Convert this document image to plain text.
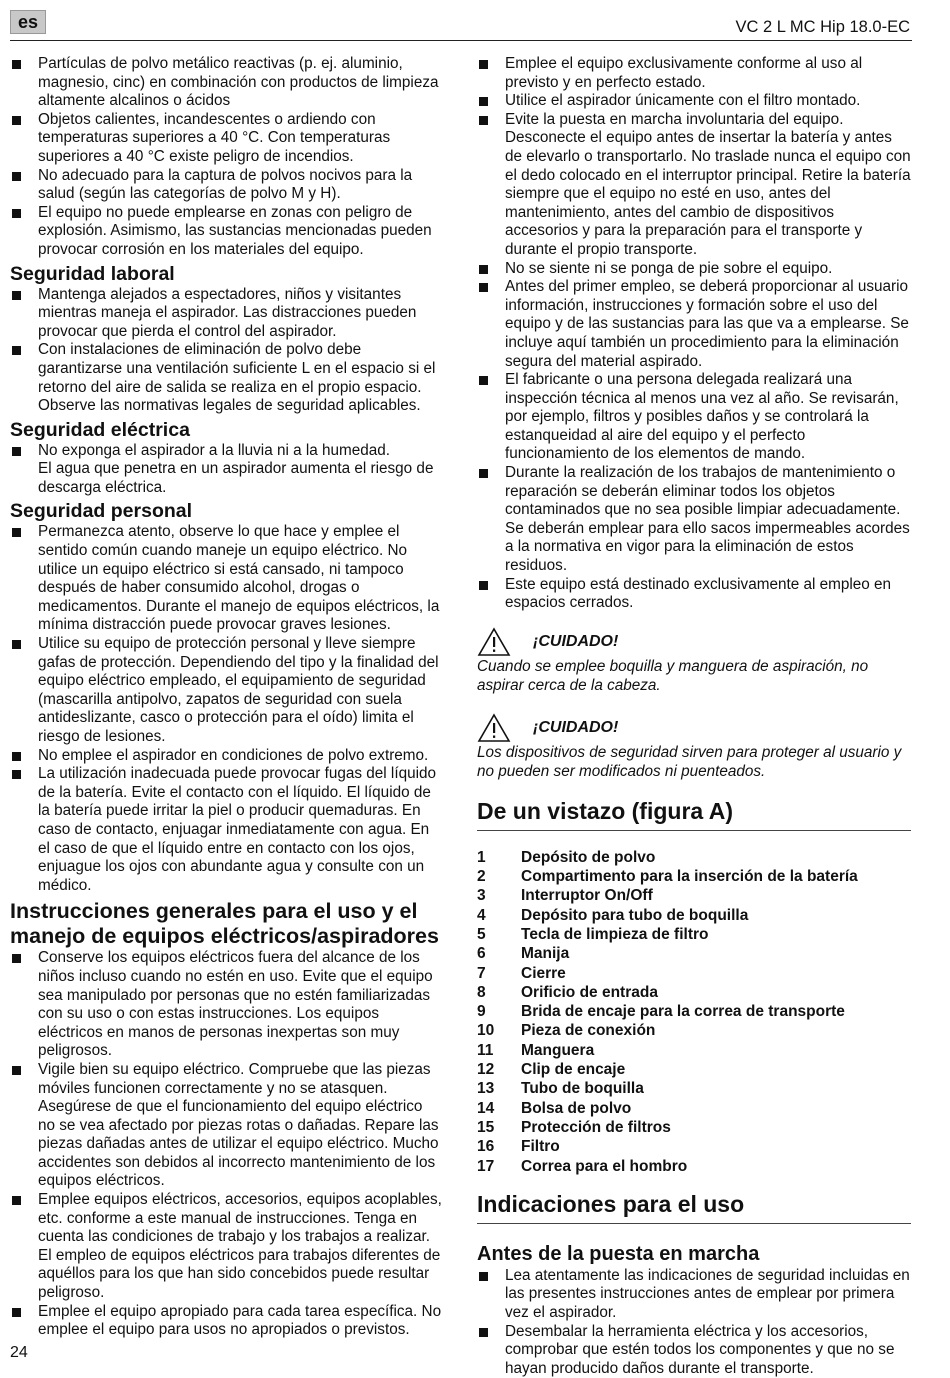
es	VC 2 L MC Hip 18.0-EC

Partículas de polvo metálico reactivas (p. ej. aluminio, magnesio, cinc) en combinación con productos de limpieza altamente alcalinos o ácidos

Objetos calientes, incandescentes o ardiendo con temperaturas superiores a 40 °C. Con temperaturas superiores a 40 °C existe peligro de incendios.

No adecuado para la captura de polvos nocivos para la salud (según las categorías de polvo M y H).

El equipo no puede emplearse en zonas con peligro de explosión. Asimismo, las sustancias mencionadas pueden provocar corrosión en los materiales del equipo.

Seguridad laboral

Mantenga alejados a espectadores, niños y visitantes mientras maneja el aspirador. Las distracciones pueden provocar que pierda el control del aspirador.

Con instalaciones de eliminación de polvo debe garantizarse una ventilación suficiente L en el espacio si el retorno del aire de salida se realiza en el propio espacio. Observe las normativas legales de seguridad aplicables.

Seguridad eléctrica

No exponga el aspirador a la lluvia ni a la humedad.

El agua que penetra en un aspirador aumenta el riesgo de descarga eléctrica.

Seguridad personal

Permanezca atento, observe lo que hace y emplee el sentido común cuando maneje un equipo eléctrico. No utilice un equipo eléctrico si está cansado, ni tampoco después de haber consumido alcohol, drogas o medicamentos. Durante el manejo de equipos eléctricos, la mínima distracción puede provocar graves lesiones.

Utilice su equipo de protección personal y lleve siempre gafas de protección. Dependiendo del tipo y la finalidad del equipo eléctrico empleado, el equipamiento de seguridad (mascarilla antipolvo, zapatos de seguridad con suela antideslizante, casco o protección para el oído) limita el riesgo de lesiones.

No emplee el aspirador en condiciones de polvo extremo.

La utilización inadecuada puede provocar fugas del líquido de la batería. Evite el contacto con el líquido. El líquido de la batería puede irritar la piel o producir quemaduras. En caso de contacto, enjuagar inmediatamente con agua. En el caso de que el líquido entre en contacto con los ojos, enjuague los ojos con abundante agua y consulte con un médico.

Instrucciones generales para el uso y el manejo de equipos eléctricos/aspiradores

Conserve los equipos eléctricos fuera del alcance de los niños incluso cuando no estén en uso. Evite que el equipo sea manipulado por personas que no estén familiarizadas con su uso o con estas instrucciones. Los equipos eléctricos en manos de personas inexpertas son muy peligrosos.

Vigile bien su equipo eléctrico. Compruebe que las piezas móviles funcionen correctamente y no se atasquen. Asegúrese de que el funcionamiento del equipo eléctrico no se vea afectado por piezas rotas o dañadas. Repare las piezas dañadas antes de utilizar el equipo eléctrico. Mucho accidentes son debidos al incorrecto mantenimiento de los equipos eléctricos.

Emplee equipos eléctricos, accesorios, equipos acoplables, etc. conforme a este manual de instrucciones. Tenga en cuenta las condiciones de trabajo y los trabajos a realizar. El empleo de equipos eléctricos para trabajos diferentes de aquéllos para los que han sido concebidos puede resultar peligroso.

Emplee el equipo apropiado para cada tarea específica. No emplee el equipo para usos no apropiados o previstos.

Emplee el equipo exclusivamente conforme al uso al previsto y en perfecto estado.

Utilice el aspirador únicamente con el filtro montado.

Evite la puesta en marcha involuntaria del equipo. Desconecte el equipo antes de insertar la batería y antes de elevarlo o transportarlo. No traslade nunca el equipo con el dedo colocado en el interruptor principal. Retire la batería siempre que el equipo no esté en uso, antes del mantenimiento, antes del cambio de dispositivos accesorios y para la preparación para el transporte y durante el propio transporte.

No se siente ni se ponga de pie sobre el equipo.

Antes del primer empleo, se deberá proporcionar al usuario información, instrucciones y formación sobre el uso del equipo y de las sustancias para las que va a emplearse. Se incluye aquí también un procedimiento para la eliminación segura del material aspirado.

El fabricante o una persona delegada realizará una inspección técnica al menos una vez al año. Se revisarán, por ejemplo, filtros y posibles daños y se controlará la estanqueidad al aire del equipo y el perfecto funcionamiento de los elementos de mando.

Durante la realización de los trabajos de mantenimiento o reparación se deberán eliminar todos los objetos contaminados que no sea posible limpiar adecuadamente. Se deberán emplear para ello sacos impermeables acordes a la normativa en vigor para la eliminación de estos residuos.

Este equipo está destinado exclusivamente al empleo en espacios cerrados.

¡CUIDADO!

Cuando se emplee boquilla y manguera de aspiración, no aspirar cerca de la cabeza.

¡CUIDADO!

Los dispositivos de seguridad sirven para proteger al usuario y no pueden ser modificados ni puenteados.

De un vistazo (figura A)
1	Depósito de polvo
2	Compartimento para la inserción de la batería
3	Interruptor On/Off
4	Depósito para tubo de boquilla
5	Tecla de limpieza de filtro
6	Manija
7	Cierre
8	Orificio de entrada
9	Brida de encaje para la correa de transporte
10	Pieza de conexión
11	Manguera
12	Clip de encaje
13	Tubo de boquilla
14	Bolsa de polvo
15	Protección de filtros
16	Filtro
17	Correa para el hombro
Indicaciones para el uso
Antes de la puesta en marcha

Lea atentamente las indicaciones de seguridad incluidas en las presentes instrucciones antes de emplear por primera vez el aspirador.

Desembalar la herramienta eléctrica y los accesorios, comprobar que estén todos los componentes y que no se hayan producido daños durante el transporte.

24
